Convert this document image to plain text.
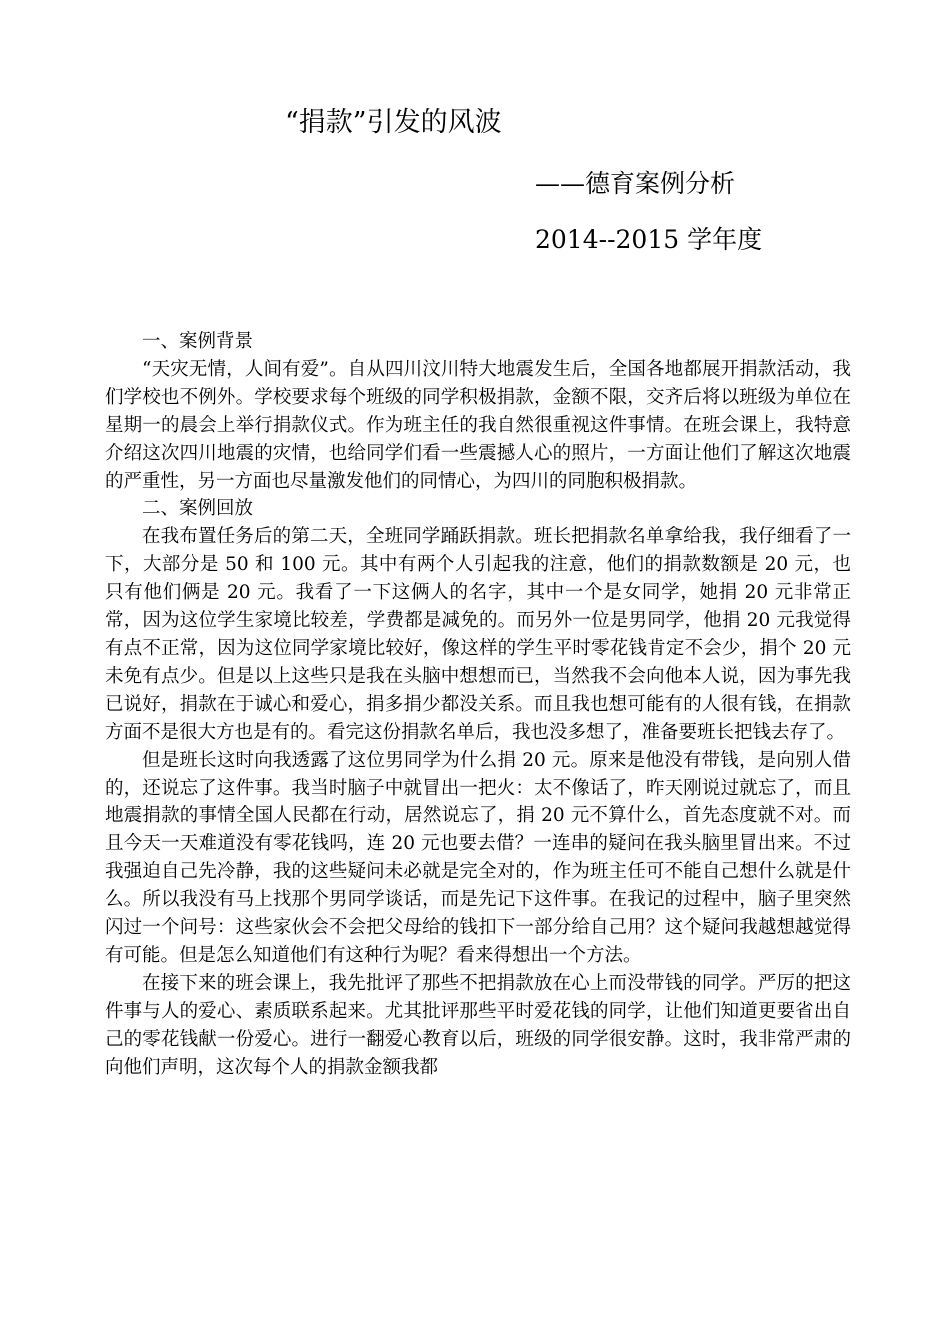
“捐款”引发的风波
——德育案例分析
2014--2015 学年度

一、案例背景

“天灾无情，人间有爱”。自从四川汶川特大地震发生后，全国各地都展开捐款活动，我们学校也不例外。学校要求每个班级的同学积极捐款，金额不限，交齐后将以班级为单位在星期一的晨会上举行捐款仪式。作为班主任的我自然很重视这件事情。在班会课上，我特意介绍这次四川地震的灾情，也给同学们看一些震撼人心的照片，一方面让他们了解这次地震的严重性，另一方面也尽量激发他们的同情心，为四川的同胞积极捐款。

二、案例回放

在我布置任务后的第二天，全班同学踊跃捐款。班长把捐款名单拿给我，我仔细看了一下，大部分是 50 和 100 元。其中有两个人引起我的注意，他们的捐款数额是 20 元，也只有他们俩是 20 元。我看了一下这俩人的名字，其中一个是女同学，她捐 20 元非常正常，因为这位学生家境比较差，学费都是减免的。而另外一位是男同学，他捐 20 元我觉得有点不正常，因为这位同学家境比较好，像这样的学生平时零花钱肯定不会少，捐个 20 元未免有点少。但是以上这些只是我在头脑中想想而已，当然我不会向他本人说，因为事先我已说好，捐款在于诚心和爱心，捐多捐少都没关系。而且我也想可能有的人很有钱，在捐款方面不是很大方也是有的。看完这份捐款名单后，我也没多想了，准备要班长把钱去存了。

但是班长这时向我透露了这位男同学为什么捐 20 元。原来是他没有带钱，是向别人借的，还说忘了这件事。我当时脑子中就冒出一把火：太不像话了，昨天刚说过就忘了，而且地震捐款的事情全国人民都在行动，居然说忘了，捐 20 元不算什么，首先态度就不对。而且今天一天难道没有零花钱吗，连 20 元也要去借？一连串的疑问在我头脑里冒出来。不过我强迫自己先冷静，我的这些疑问未必就是完全对的，作为班主任可不能自己想什么就是什么。所以我没有马上找那个男同学谈话，而是先记下这件事。在我记的过程中，脑子里突然闪过一个问号：这些家伙会不会把父母给的钱扣下一部分给自己用？这个疑问我越想越觉得有可能。但是怎么知道他们有这种行为呢？看来得想出一个方法。

在接下来的班会课上，我先批评了那些不把捐款放在心上而没带钱的同学。严厉的把这件事与人的爱心、素质联系起来。尤其批评那些平时爱花钱的同学，让他们知道更要省出自己的零花钱献一份爱心。进行一翻爱心教育以后，班级的同学很安静。这时，我非常严肃的向他们声明，这次每个人的捐款金额我都
